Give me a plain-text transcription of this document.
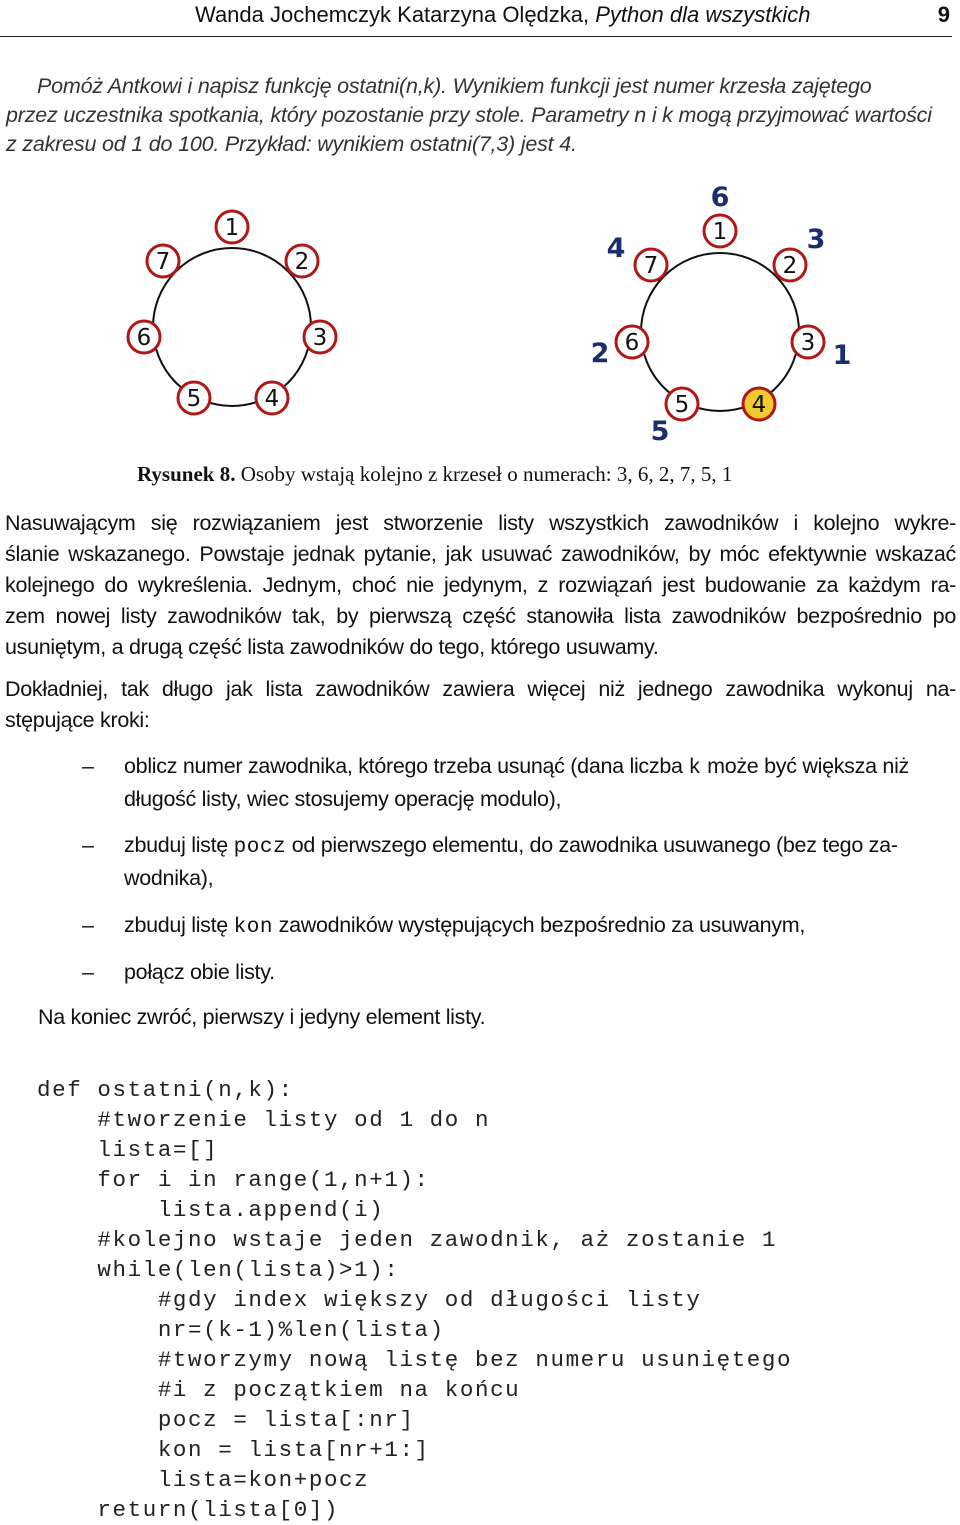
Wanda Jochemczyk Katarzyna Olędzka, Python dla wszystkich	9
Pomóż Antkowi i napisz funkcję ostatni(n,k). Wynikiem funkcji jest numer krzesła zajętego
przez uczestnika spotkania, który pozostanie przy stole. Parametry n i k mogą przyjmować wartości
z zakresu od 1 do 100. Przykład: wynikiem ostatni(7,3) jest 4.
1
2
3
4
5
6
7
1
2
3
4
5
6
7
6
3
1
4
2
5
Rysunek 8. Osoby wstają kolejno z krzeseł o numerach: 3, 6, 2, 7, 5, 1
Nasuwającym się rozwiązaniem jest stworzenie listy wszystkich zawodników i kolejno wykre-
ślanie wskazanego. Powstaje jednak pytanie, jak usuwać zawodników, by móc efektywnie wskazać
kolejnego do wykreślenia. Jednym, choć nie jedynym, z rozwiązań jest budowanie za każdym ra-
zem nowej listy zawodników tak, by pierwszą część stanowiła lista zawodników bezpośrednio po
usuniętym, a drugą część lista zawodników do tego, którego usuwamy.
Dokładniej, tak długo jak lista zawodników zawiera więcej niż jednego zawodnika wykonuj na-
stępujące kroki:
– oblicz numer zawodnika, którego trzeba usunąć (dana liczba k może być większa niż
długość listy, wiec stosujemy operację modulo),
– zbuduj listę pocz od pierwszego elementu, do zawodnika usuwanego (bez tego za-
wodnika),
– zbuduj listę kon zawodników występujących bezpośrednio za usuwanym,
– połącz obie listy.
Na koniec zwróć, pierwszy i jedyny element listy.
def ostatni(n,k):
#tworzenie listy od 1 do n
lista=[]
for i in range(1,n+1):
lista.append(i)
#kolejno wstaje jeden zawodnik, aż zostanie 1
while(len(lista)>1):
#gdy index większy od długości listy
nr=(k-1)%len(lista)
#tworzymy nową listę bez numeru usuniętego
#i z początkiem na końcu
pocz = lista[:nr]
kon = lista[nr+1:]
lista=kon+pocz
return(lista[0])
